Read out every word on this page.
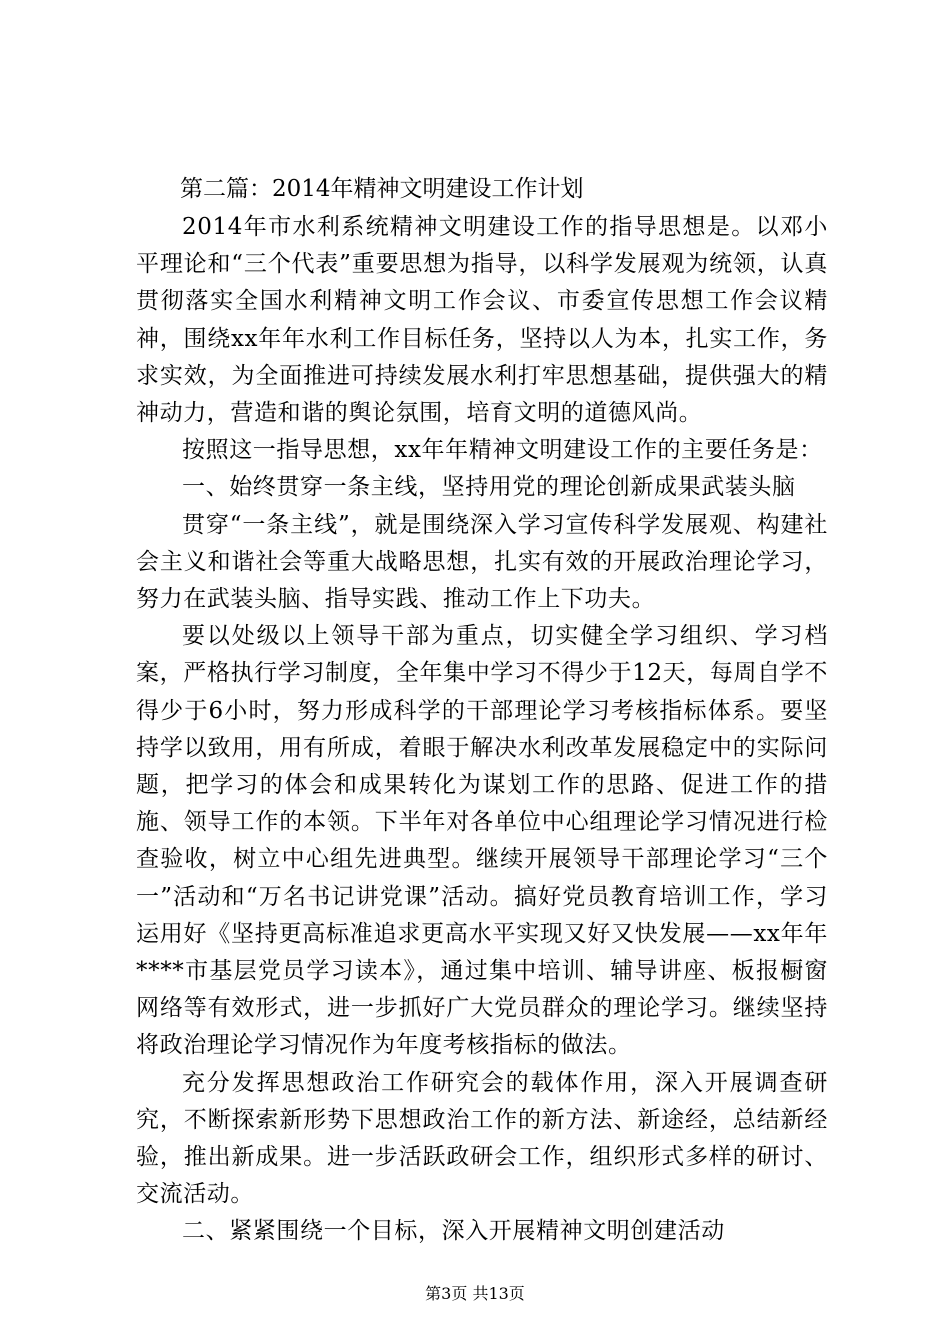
第二篇：2014年精神文明建设工作计划

2014年市水利系统精神文明建设工作的指导思想是。以邓小平理论和“三个代表”重要思想为指导，以科学发展观为统领，认真贯彻落实全国水利精神文明工作会议、市委宣传思想工作会议精神，围绕xx年年水利工作目标任务，坚持以人为本，扎实工作，务求实效，为全面推进可持续发展水利打牢思想基础，提供强大的精神动力，营造和谐的舆论氛围，培育文明的道德风尚。

按照这一指导思想，xx年年精神文明建设工作的主要任务是：

一、始终贯穿一条主线，坚持用党的理论创新成果武装头脑

贯穿“一条主线”，就是围绕深入学习宣传科学发展观、构建社会主义和谐社会等重大战略思想，扎实有效的开展政治理论学习，努力在武装头脑、指导实践、推动工作上下功夫。

要以处级以上领导干部为重点，切实健全学习组织、学习档案，严格执行学习制度，全年集中学习不得少于12天，每周自学不得少于6小时，努力形成科学的干部理论学习考核指标体系。要坚持学以致用，用有所成，着眼于解决水利改革发展稳定中的实际问题，把学习的体会和成果转化为谋划工作的思路、促进工作的措施、领导工作的本领。下半年对各单位中心组理论学习情况进行检查验收，树立中心组先进典型。继续开展领导干部理论学习“三个一”活动和“万名书记讲党课”活动。搞好党员教育培训工作，学习运用好《坚持更高标准追求更高水平实现又好又快发展——xx年年****市基层党员学习读本》，通过集中培训、辅导讲座、板报橱窗网络等有效形式，进一步抓好广大党员群众的理论学习。继续坚持将政治理论学习情况作为年度考核指标的做法。

充分发挥思想政治工作研究会的载体作用，深入开展调查研究，不断探索新形势下思想政治工作的新方法、新途经，总结新经验，推出新成果。进一步活跃政研会工作，组织形式多样的研讨、交流活动。

二、紧紧围绕一个目标，深入开展精神文明创建活动

第3页 共13页
